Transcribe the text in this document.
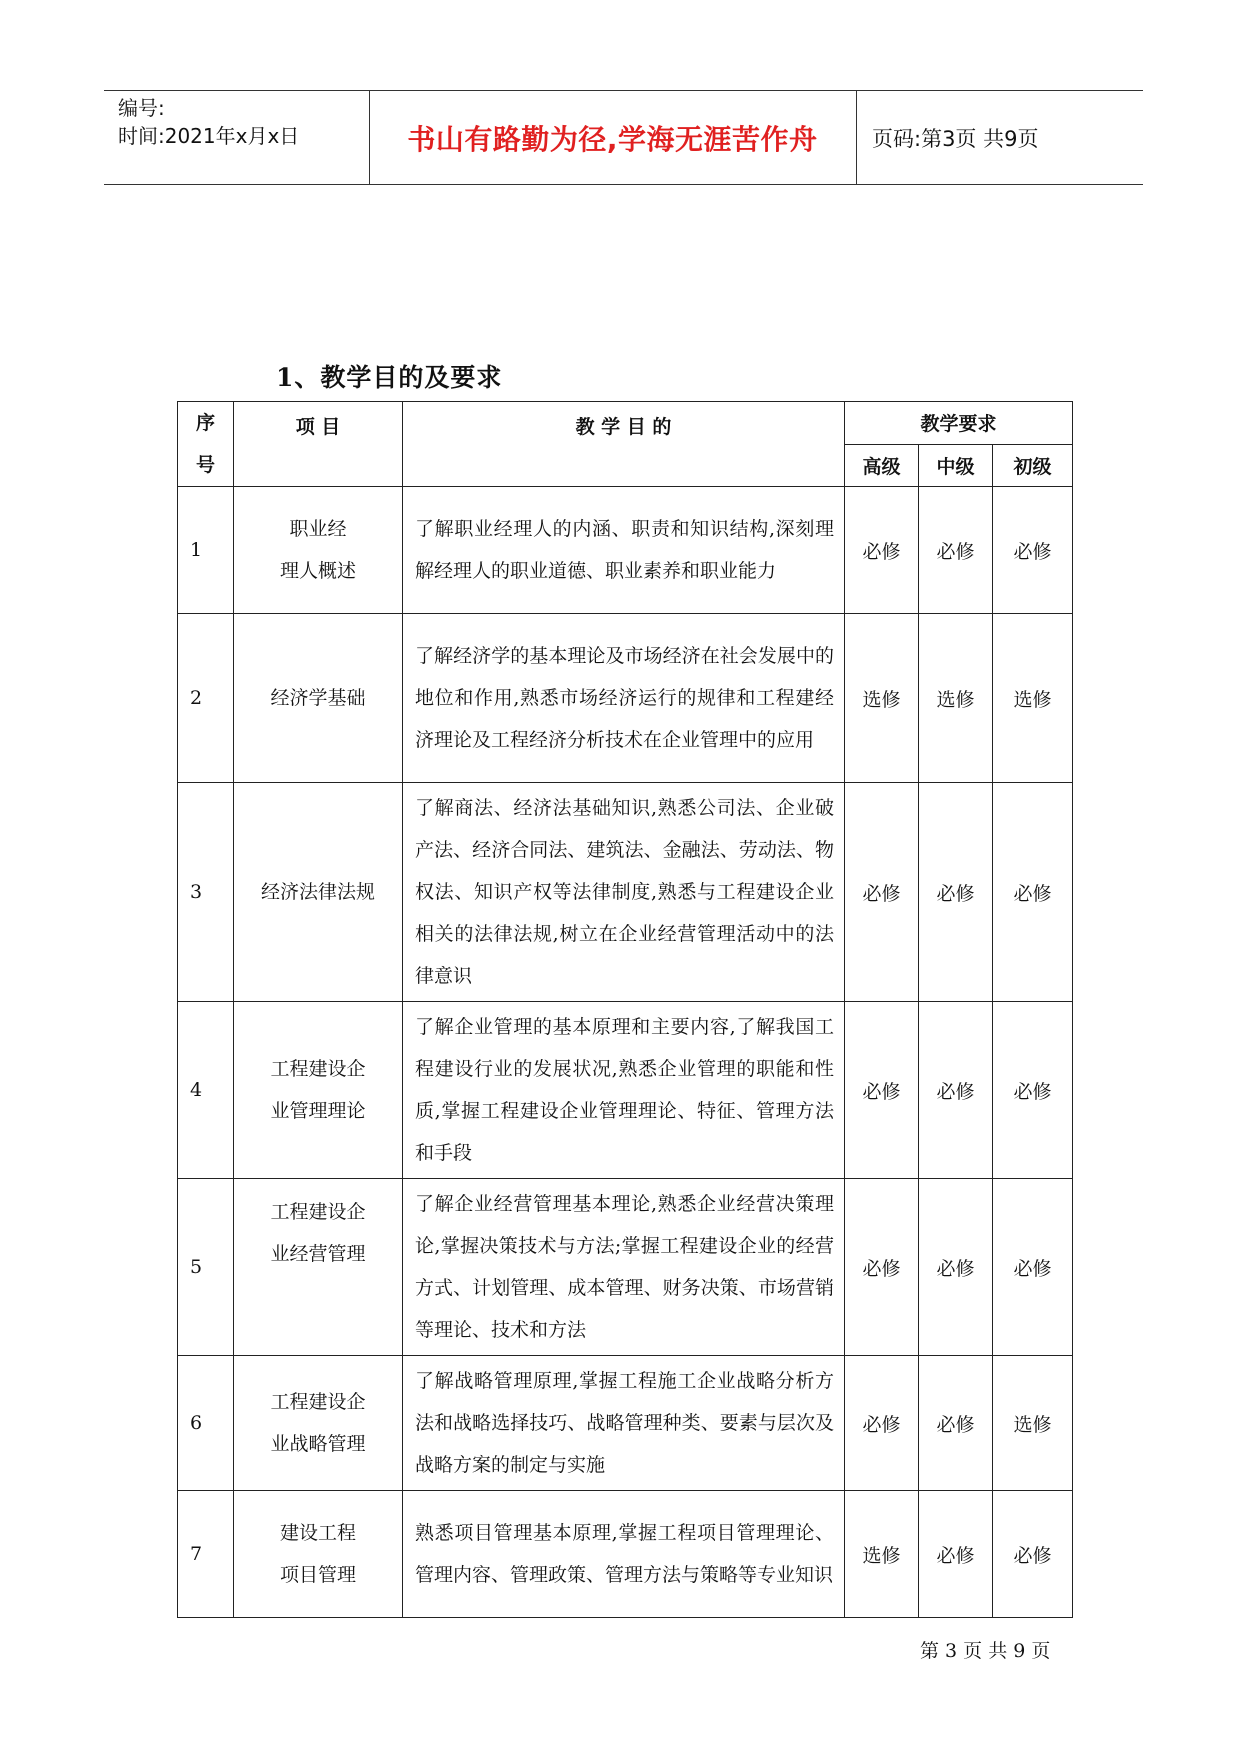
编号:
时间:2021年x月x日	书山有路勤为径,学海无涯苦作舟	页码:第3页 共9页
1、教学目的及要求
序
号	项 目	教 学 目 的	教学要求		
			高级	中级	初级
1	职业经
理人概述	了解职业经理人的内涵、职责和知识结构,深刻理解经理人的职业道德、职业素养和职业能力	必修	必修	必修
2	经济学基础	了解经济学的基本理论及市场经济在社会发展中的地位和作用,熟悉市场经济运行的规律和工程建经济理论及工程经济分析技术在企业管理中的应用	选修	选修	选修
3	经济法律法规	了解商法、经济法基础知识,熟悉公司法、企业破产法、经济合同法、建筑法、金融法、劳动法、物权法、知识产权等法律制度,熟悉与工程建设企业相关的法律法规,树立在企业经营管理活动中的法律意识	必修	必修	必修
4	工程建设企
业管理理论	了解企业管理的基本原理和主要内容,了解我国工程建设行业的发展状况,熟悉企业管理的职能和性质,掌握工程建设企业管理理论、特征、管理方法和手段	必修	必修	必修
5	工程建设企
业经营管理	了解企业经营管理基本理论,熟悉企业经营决策理论,掌握决策技术与方法;掌握工程建设企业的经营方式、计划管理、成本管理、财务决策、市场营销等理论、技术和方法	必修	必修	必修
6	工程建设企
业战略管理	了解战略管理原理,掌握工程施工企业战略分析方法和战略选择技巧、战略管理种类、要素与层次及战略方案的制定与实施	必修	必修	选修
7	建设工程
项目管理	熟悉项目管理基本原理,掌握工程项目管理理论、管理内容、管理政策、管理方法与策略等专业知识	选修	必修	必修
第 3 页 共 9 页
